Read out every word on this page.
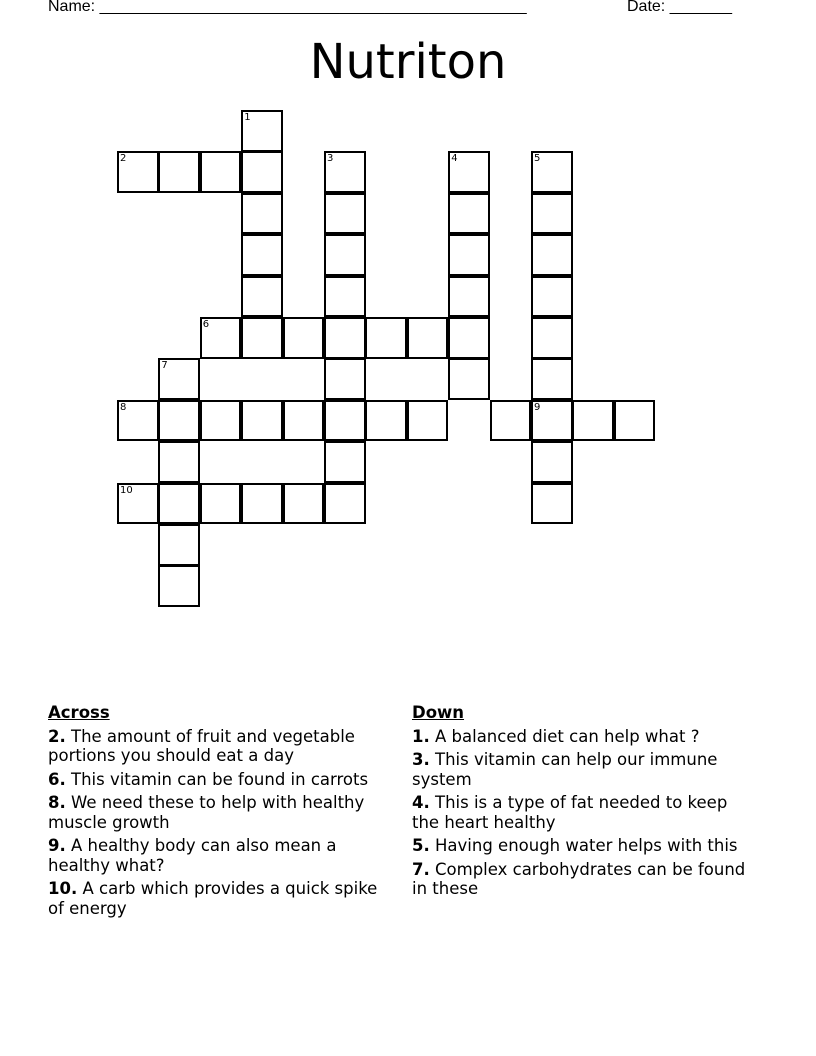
Name: ________________________________________________	Date: _______
Nutriton
1
2	3	4	5
6
7
8	9
10
Across
2. The amount of fruit and vegetable portions you should eat a day
6. This vitamin can be found in carrots
8. We need these to help with healthy muscle growth
9. A healthy body can also mean a healthy what?
10. A carb which provides a quick spike of energy
Down
1. A balanced diet can help what ?
3. This vitamin can help our immune system
4. This is a type of fat needed to keep the heart healthy
5. Having enough water helps with this
7. Complex carbohydrates can be found in these
